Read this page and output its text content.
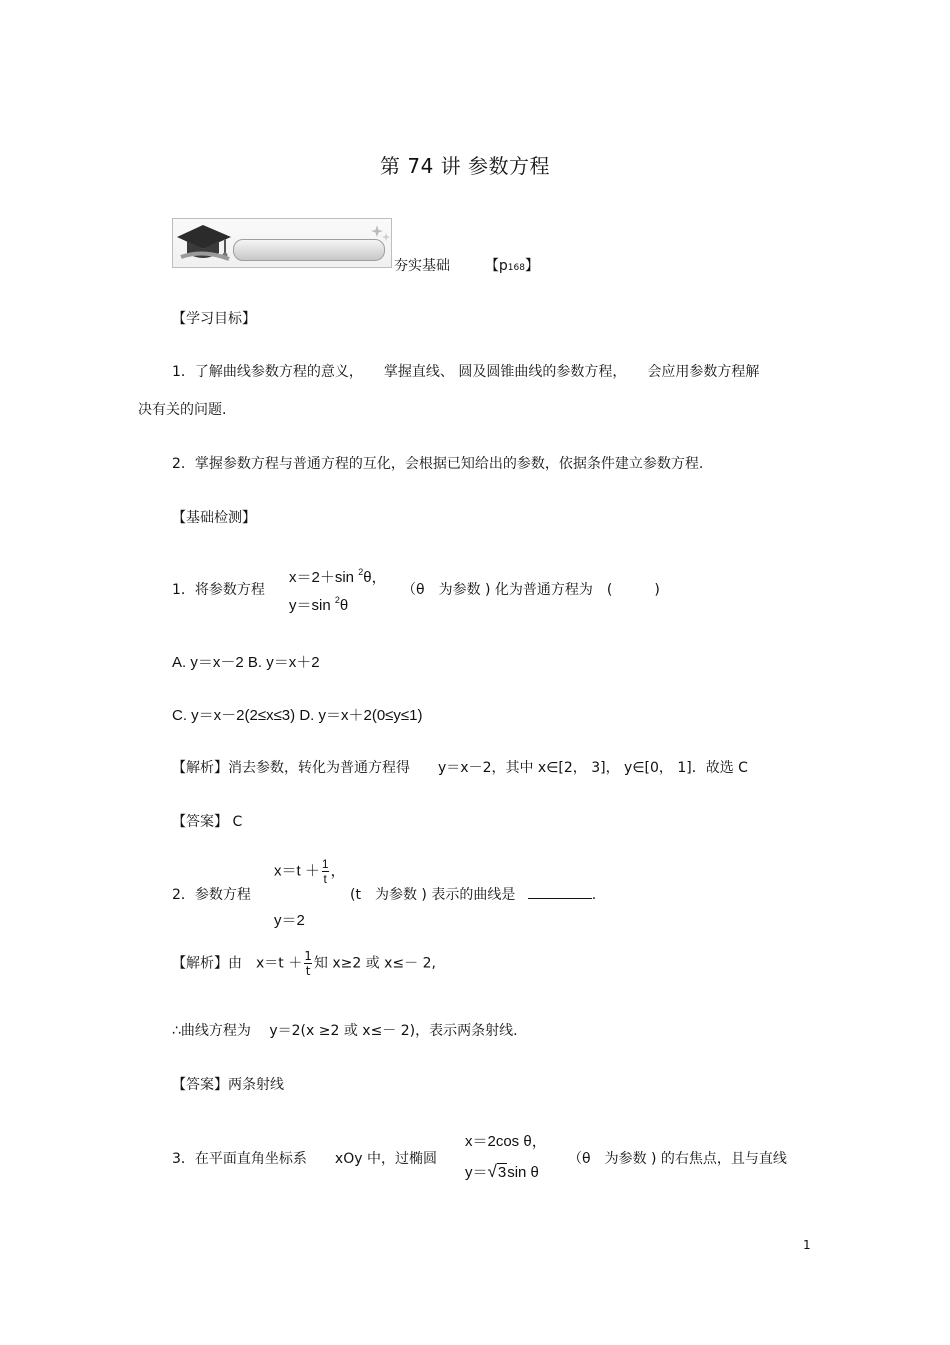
第 74 讲 参数方程
夯实基础 【p168】
【学习目标】
1．了解曲线参数方程的意义，　　掌握直线、 圆及圆锥曲线的参数方程，　　会应用参数方程解
决有关的问题.
2．掌握参数方程与普通方程的互化，会根据已知给出的参数，依据条件建立参数方程.
【基础检测】
1．将参数方程
x＝2＋sin $^2$θ，
y＝sin $^2$θ
（θ　为参数 ) 化为普通方程为　(　　　)
A. y＝x－2 B. y＝x＋2
C. y＝x－2(2≤x≤3) D. y＝x＋2(0≤y≤1)
【解析】消去参数，转化为普通方程得　　y＝x－2，其中 x∈[2， 3]， y∈[0， 1]．故选 C
【答案】 C
2．参数方程
$x=t + \frac{1}{t}$ ，
y＝2
(t　为参数 ) 表示的曲线是	.
【解析】由　$x=t + \frac{1}{t}$ 知 x≥2 或 x≤－ 2,
∴曲线方程为　 y＝2(x ≥2 或 x≤－ 2)，表示两条射线.
【答案】两条射线
3．在平面直角坐标系　　xOy 中，过椭圆
x＝2cos θ，
y＝√3sin θ
（θ　为参数 ) 的右焦点，且与直线
1
